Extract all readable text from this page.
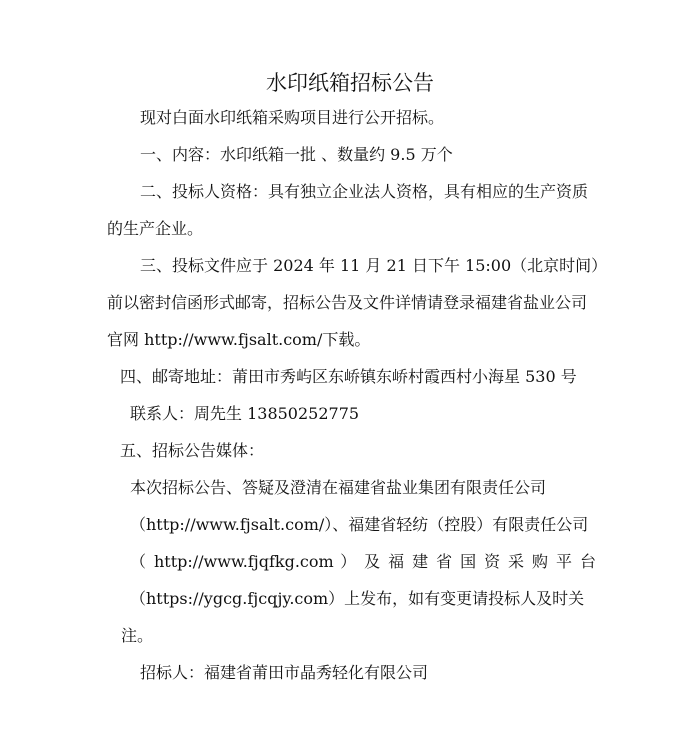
水印纸箱招标公告
现对白面水印纸箱采购项目进行公开招标。
一、内容：水印纸箱一批 、数量约 9.5 万个
二、投标人资格：具有独立企业法人资格，具有相应的生产资质
的生产企业。
三、投标文件应于 2024 年 11 月 21 日下午 15:00（北京时间）
前以密封信函形式邮寄，招标公告及文件详情请登录福建省盐业公司
官网 http://www.fjsalt.com/下载。
四、邮寄地址：莆田市秀屿区东峤镇东峤村霞西村小海星 530 号
联系人：周先生 13850252775
五、招标公告媒体：
本次招标公告、答疑及澄清在福建省盐业集团有限责任公司
（http://www.fjsalt.com/）、福建省轻纺（控股）有限责任公司
（ http://www.fjqfkg.com ） 及 福 建 省 国 资 采 购 平 台
（https://ygcg.fjcqjy.com）上发布，如有变更请投标人及时关
注。
招标人：福建省莆田市晶秀轻化有限公司
